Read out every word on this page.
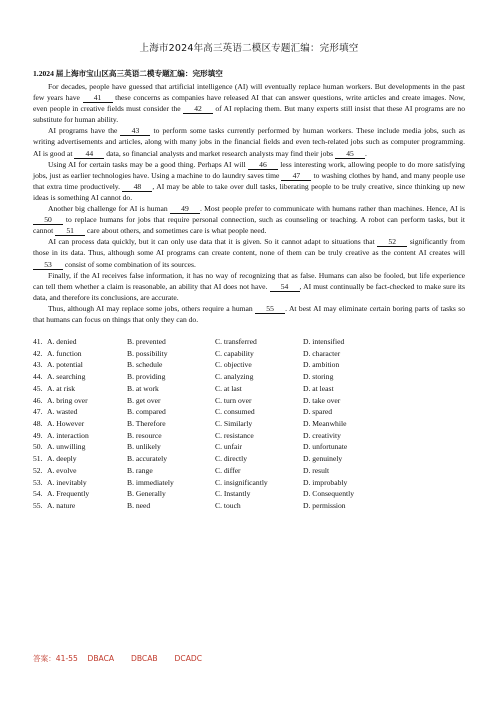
上海市2024年高三英语二模区专题汇编：完形填空
1.2024 届上海市宝山区高三英语二模专题汇编：完形填空

For decades, people have guessed that artificial intelligence (AI) will eventually replace human workers. But developments in the past few years have 41 these concerns as companies have released AI that can answer questions, write articles and create images. Now, even people in creative fields must consider the 42 of AI replacing them. But many experts still insist that these AI programs are no substitute for human ability.

AI programs have the 43 to perform some tasks currently performed by human workers. These include media jobs, such as writing advertisements and articles, along with many jobs in the financial fields and even tech-related jobs such as computer programming. AI is good at 44 data, so financial analysts and market research analysts may find their jobs 45 .

Using AI for certain tasks may be a good thing. Perhaps AI will 46 less interesting work, allowing people to do more satisfying jobs, just as earlier technologies have. Using a machine to do laundry saves time 47 to washing clothes by hand, and many people use that extra time productively. 48 , AI may be able to take over dull tasks, liberating people to be truly creative, since thinking up new ideas is something AI cannot do.

Another big challenge for AI is human 49 . Most people prefer to communicate with humans rather than machines. Hence, AI is 50 to replace humans for jobs that require personal connection, such as counseling or teaching. A robot can perform tasks, but it cannot 51 care about others, and sometimes care is what people need.

AI can process data quickly, but it can only use data that it is given. So it cannot adapt to situations that 52 significantly from those in its data. Thus, although some AI programs can create content, none of them can be truly creative as the content AI creates will 53 consist of some combination of its sources.

Finally, if the AI receives false information, it has no way of recognizing that as false. Humans can also be fooled, but life experience can tell them whether a claim is reasonable, an ability that AI does not have. 54 , AI must continually be fact-checked to make sure its data, and therefore its conclusions, are accurate.

Thus, although AI may replace some jobs, others require a human 55 . At best AI may eliminate certain boring parts of tasks so that humans can focus on things that only they can do.

41. A. denied	B. prevented	C. transferred	D. intensified
42. A. function	B. possibility	C. capability	D. character
43. A. potential	B. schedule	C. objective	D. ambition
44. A. searching	B. providing	C. analyzing	D. storing
45. A. at risk	B. at work	C. at last	D. at least
46. A. bring over	B. get over	C. turn over	D. take over
47. A. wasted	B. compared	C. consumed	D. spared
48. A. However	B. Therefore	C. Similarly	D. Meanwhile
49. A. interaction	B. resource	C. resistance	D. creativity
50. A. unwilling	B. unlikely	C. unfair	D. unfortunate
51. A. deeply	B. accurately	C. directly	D. genuinely
52. A. evolve	B. range	C. differ	D. result
53. A. inevitably	B. immediately	C. insignificantly	D. improbably
54. A. Frequently	B. Generally	C. Instantly	D. Consequently
55. A. nature	B. need	C. touch	D. permission
答案：41-55    DBACA       DBCAB       DCADC
